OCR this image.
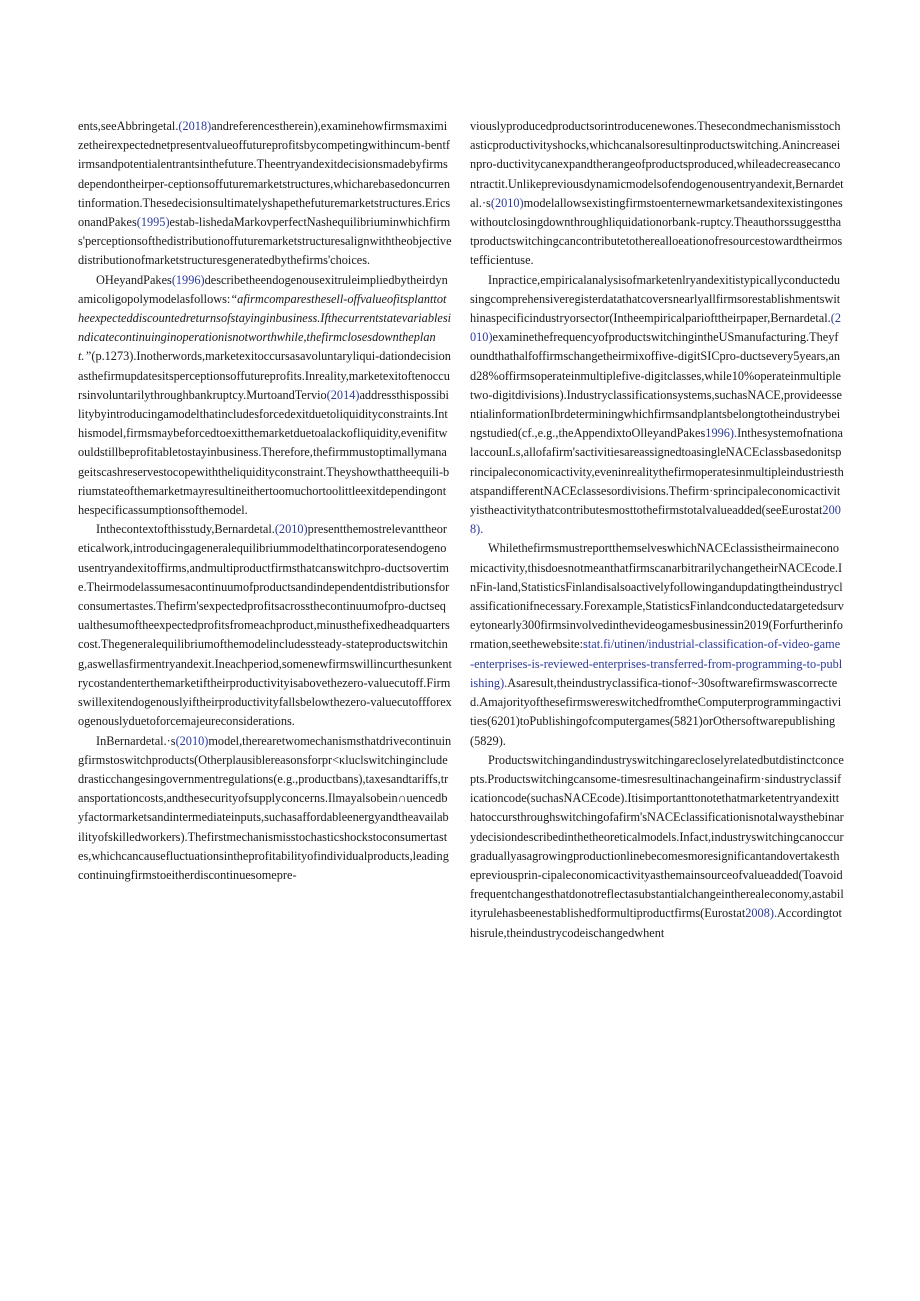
ents,seeAbbringetal.(2018)andreferencestherein),examinehowfirmsmaximizetheirexpectednetpresentvalueoffutureprofitsbycompetingwithincum-bentfirmsandpotentialentrantsinthefuture.Theentryandexitdecisionsmadebyfirmsdependontheirper-ceptionsoffuturemarketstructures,whicharebasedoncurrentinformation.Thesedecisionsultimatelyshapethefuturemarketstructures.EricsonandPakes(1995)estab-lishedaMarkovperfectNashequilibriuminwhichfirms'perceptionsofthedistributionoffuturemarketstructuresalignwiththeobjectivedistributionofmarketstructuresgeneratedbythefirms'choices.

OHeyandPakes(1996)describetheendogenousexitruleimpliedbytheirdynamicoligopolymodelasfollows:“afirmcomparesthesell-offvalueofitsplanttotheexpecteddiscountedreturnsofstayinginbusiness.Ifthecurrentstatevariablesindicatecontinuinginoperationisnotworthwhile,thefirmclosesdowntheplant.”(p.1273).Inotherwords,marketexitoccursasavoluntaryliqui-dationdecisionasthefirmupdatesitsperceptionsoffutureprofits.Inreality,marketexitoftenoccursinvoluntarilythroughbankruptcy.MurtoandTervio(2014)addressthispossibilitybyintroducingamodelthatincludesforcedexitduetoliquidityconstraints.Inthismodel,firmsmaybeforcedtoexitthemarketduetoalackofliquidity,evenifitwouldstillbeprofitabletostayinbusiness.Therefore,thefirmmustoptimallymanageitscashreservestocopewiththeliquidityconstraint.Theyshowthattheequili-briumstateofthemarketmayresultineithertoomuchortoolittleexitdependingonthespecificassumptionsofthemodel.

Inthecontextofthisstudy,Bernardetal.(2010)presentthemostrelevanttheoreticalwork,introducingageneralequilibriummodelthatincorporatesendogenousentryandexitoffirms,andmultiproductfirmsthatcanswitchpro-ductsovertime.Theirmodelassumesacontinuumofproductsandindependentdistributionsforconsumertastes.Thefirm'sexpectedprofitsacrossthecontinuumofpro-ductsequalthesumoftheexpectedprofitsfromeachproduct,minusthefixedheadquarterscost.Thegeneralequilibriumofthemodelincludessteady-stateproductswitching,aswellasfirmentryandexit.Ineachperiod,somenewfirmswillincurthesunkentrycostandenterthemarketiftheirproductivityisabovethezero-valuecutoff.Firmswillexitendogenouslyiftheirproductivityfallsbelowthezero-valuecutoffforexogenouslyduetoforcemajeureconsiderations.

InBernardetal.·s(2010)model,therearetwomechanismsthatdrivecontinuingfirmstoswitchproducts(Otherplausiblereasonsforpr<κluclswitchingincludedrasticchangesingovernmentregulations(e.g.,productbans),taxesandtariffs,transportationcosts,andthesecurityofsupplyconcerns.Ilmayalsobein∩uencedbyfactormarketsandintermediateinputs,suchasaffordableenergyandtheavailabilityofskilledworkers).Thefirstmechanismisstochasticshockstoconsumertastes,whichcancausefluctuationsintheprofitabilityofindividualproducts,leadingcontinuingfirmstoeitherdiscontinuesomepre-

viouslyproducedproductsorintroducenewones.Thesecondmechanismisstochasticproductivityshocks,whichcanalsoresultinproductswitching.Anincreaseinpro-ductivitycanexpandtherangeofproductsproduced,whileadecreasecancontractit.Unlikepreviousdynamicmodelsofendogenousentryandexit,Bernardetal.·s(2010)modelallowsexistingfirmstoenternewmarketsandexitexistingoneswithoutclosingdownthroughliquidationorbank-ruptcy.Theauthorssuggestthatproductswitchingcancontributetotherealloeationofresourcestowardtheirmostefficientuse.

Inpractice,empiricalanalysisofmarketenlryandexitistypicallyconductedusingcomprehensiveregisterdatathatcoversnearlyallfirmsorestablishmentswithinaspecificindustryorsector(Intheempiricalpariofttheirpaper,Bernardetal.(2010)examinethefrequencyofproductswitchingintheUSmanufacturing.Theyfoundthathalfoffirmschangetheirmixoffive-digitSICpro-ductsevery5years,and28%offirmsoperateinmultiplefive-digitclasses,while10%operateinmultipletwo-digitdivisions).Industryclassificationsystems,suchasNACE,provideessentialinformationIbrdeterminingwhichfirmsandplantsbelongtotheindustrybeingstudied(cf.,e.g.,theAppendixtoOlleyandPakes1996).InthesystemofnationalaccounLs,allofafirm'sactivitiesareassignedtoasingleNACEclassbasedonitsprincipaleconomicactivity,eveninrealitythefirmoperatesinmultipleindustriesthatspandifferentNACEclassesordivisions.Thefirm·sprincipaleconomicactivityistheactivitythatcontributesmosttothefirmstotalvalueadded(seeEurostat2008).

WhilethefirmsmustreportthemselveswhichNACEclassistheirmaineconomicactivity,thisdoesnotmeanthatfirmscanarbitrarilychangetheirNACEcode.InFin-land,StatisticsFinlandisalsoactivelyfollowingandupdatingtheindustryclassificationifnecessary.Forexample,StatisticsFinlandconductedatargetedsurveytonearly300firmsinvolvedinthevideogamesbusinessin2019(Forfurtherinformation,seethewebsite:stat.fi/utinen/industrial-classification-of-video-game-enterprises-is-reviewed-enterprises-transferred-from-programming-to-publishing).Asaresult,theindustryclassifica-tionof~30softwarefirmswascorrected.AmajorityofthesefirmswereswitchedfromtheComputerprogrammingactivities(6201)toPublishingofcomputergames(5821)orOthersoftwarepublishing(5829).

Productswitchingandindustryswitchingarecloselyrelatedbutdistinctconcepts.Productswitchingcansome-timesresultinachangeinafirm·sindustryclassificationcode(suchasNACEcode).Itisimportanttonotethatmarketentryandexitthatoccursthroughswitchingofafirm'sNACEclassificationisnotalwaysthebinarydecisiondescribedinthetheoreticalmodels.Infact,industryswitchingcanoccurgraduallyasagrowingproductionlinebecomesmoresignificantandovertakesthepreviousprin-cipaleconomicactivityasthemainsourceofvalueadded(Toavoidfrequentchangesthatdonotreflectasubstantialchangeintherealeconomy,astabilityrulehasbeenestablishedformultiproductfirms(Eurostat2008).Accordingtothisrule,theindustrycodeischangedwhent
